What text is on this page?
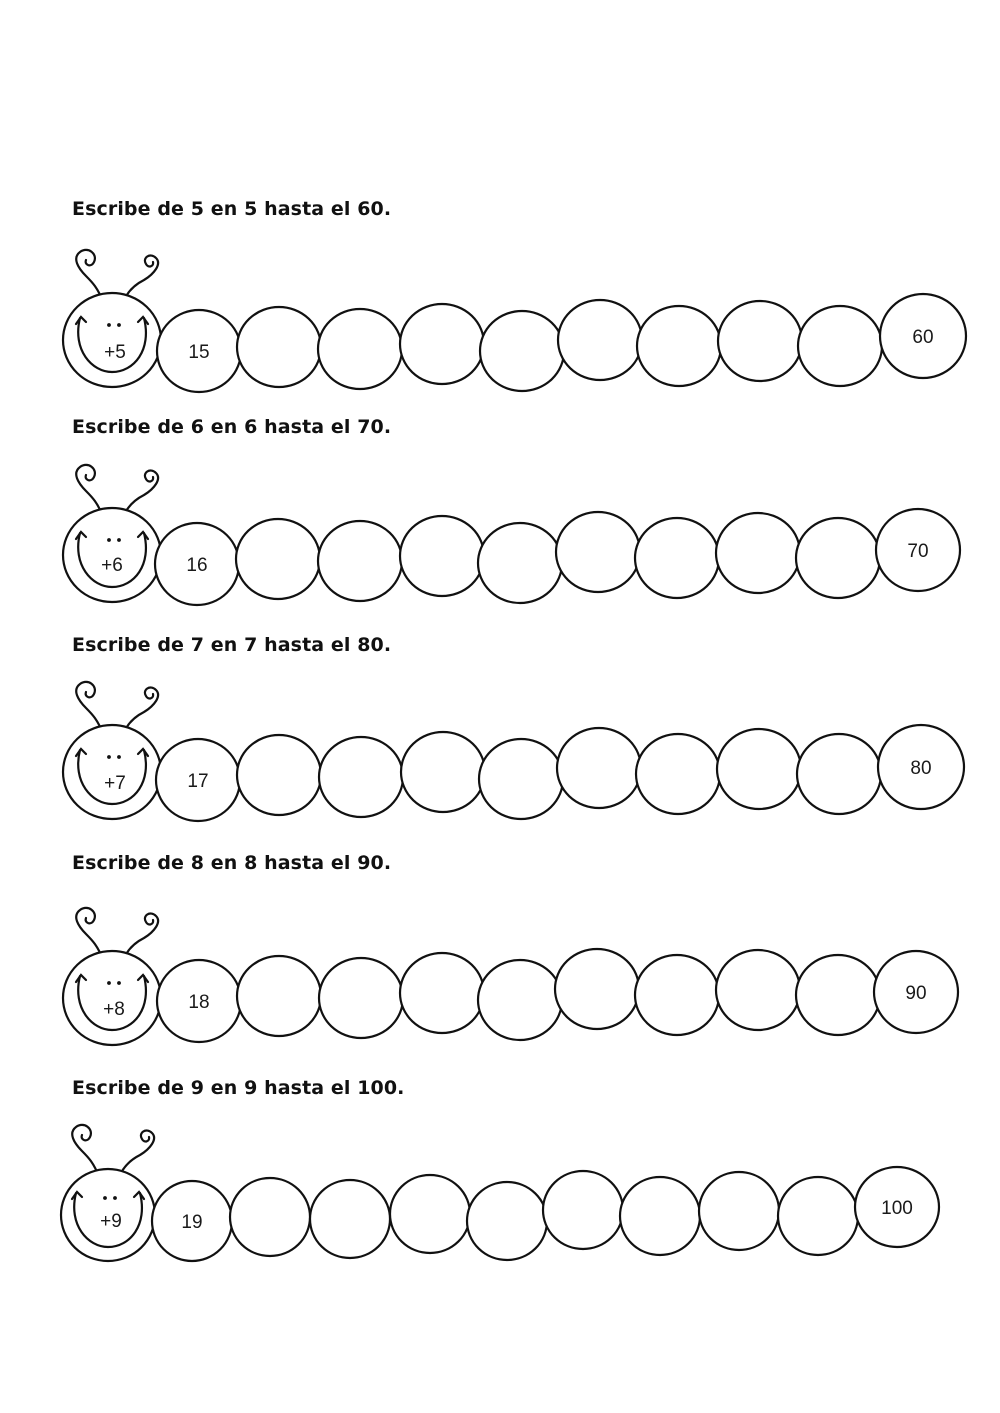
Escribe de 5 en 5 hasta el 60.

+5	15
60

Escribe de 6 en 6 hasta el 70.

+6	16
70

Escribe de 7 en 7 hasta el 80.

+7	17
80

Escribe de 8 en 8 hasta el 90.

+8	18	90

Escribe de 9 en 9 hasta el 100.

+9	19
100
